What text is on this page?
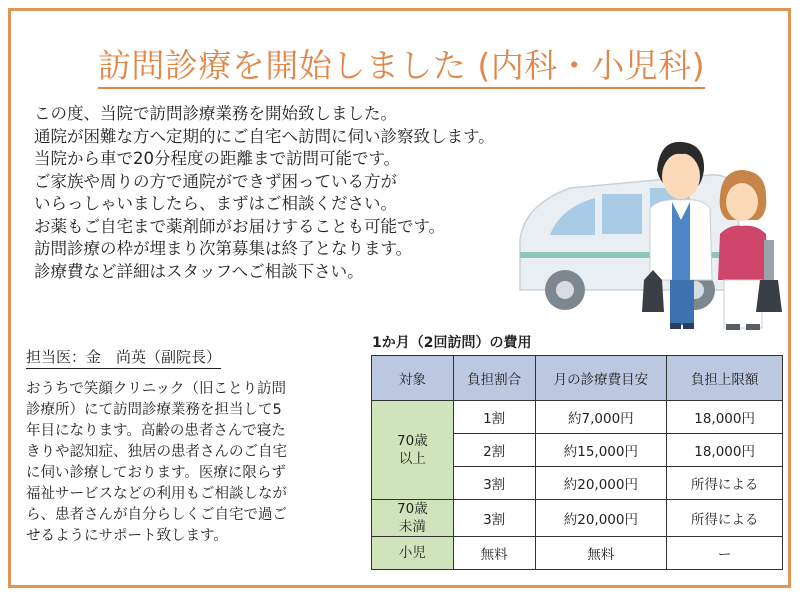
訪問診療を開始しました (内科・小児科)
この度、当院で訪問診療業務を開始致しました。
通院が困難な方へ定期的にご自宅へ訪問に伺い診察致します。
当院から車で20分程度の距離まで訪問可能です。
ご家族や周りの方で通院ができず困っている方が
いらっしゃいましたら、まずはご相談ください。
お薬もご自宅まで薬剤師がお届けすることも可能です。
訪問診療の枠が埋まり次第募集は終了となります。
診療費など詳細はスタッフへご相談下さい。
担当医：金　尚英（副院長）
おうちで笑顔クリニック（旧ことり訪問
診療所）にて訪問診療業務を担当して5
年目になります。高齢の患者さんで寝た
きりや認知症、独居の患者さんのご自宅
に伺い診療しております。医療に限らず
福祉サービスなどの利用もご相談しなが
ら、患者さんが自分らしくご自宅で過ご
せるようにサポート致します。
1か月（2回訪問）の費用
対象	負担割合	月の診療費目安	負担上限額

70歳
以上	1割	約7,000円	18,000円
	2割	約15,000円	18,000円
	3割	約20,000円	所得による

70歳
未満	3割	約20,000円	所得による
小児	無料	無料	ー
